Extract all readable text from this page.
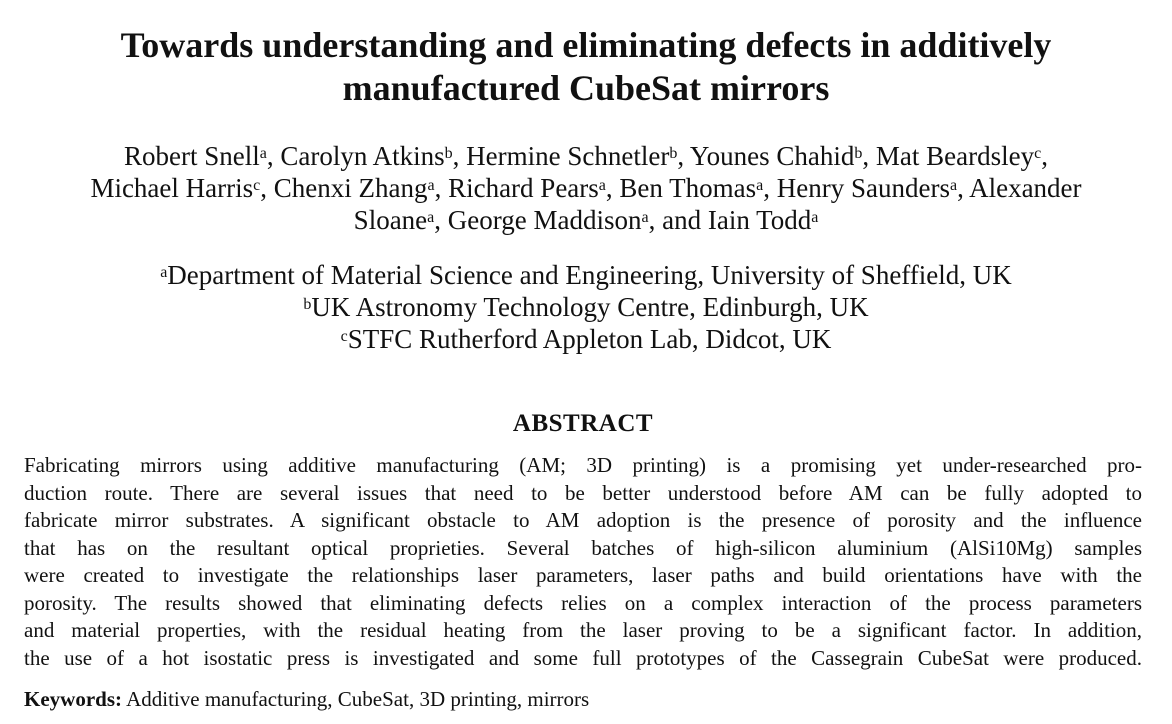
Towards understanding and eliminating defects in additively
manufactured CubeSat mirrors
Robert Snell$^a$, Carolyn Atkins$^b$, Hermine Schnetler$^b$, Younes Chahid$^b$, Mat Beardsley$^c$,
Michael Harris$^c$, Chenxi Zhang$^a$, Richard Pears$^a$, Ben Thomas$^a$, Henry Saunders$^a$, Alexander
Sloane$^a$, George Maddison$^a$, and Iain Todd$^a$
$^a$Department of Material Science and Engineering, University of Sheffield, UK
$^b$UK Astronomy Technology Centre, Edinburgh, UK
$^c$STFC Rutherford Appleton Lab, Didcot, UK
ABSTRACT
Fabricating mirrors using additive manufacturing (AM; 3D printing) is a promising yet under-researched pro-
duction route. There are several issues that need to be better understood before AM can be fully adopted to
fabricate mirror substrates. A significant obstacle to AM adoption is the presence of porosity and the influence
that has on the resultant optical proprieties. Several batches of high-silicon aluminium (AlSi10Mg) samples
were created to investigate the relationships laser parameters, laser paths and build orientations have with the
porosity. The results showed that eliminating defects relies on a complex interaction of the process parameters
and material properties, with the residual heating from the laser proving to be a significant factor. In addition,
the use of a hot isostatic press is investigated and some full prototypes of the Cassegrain CubeSat were produced.
Keywords: Additive manufacturing, CubeSat, 3D printing, mirrors
